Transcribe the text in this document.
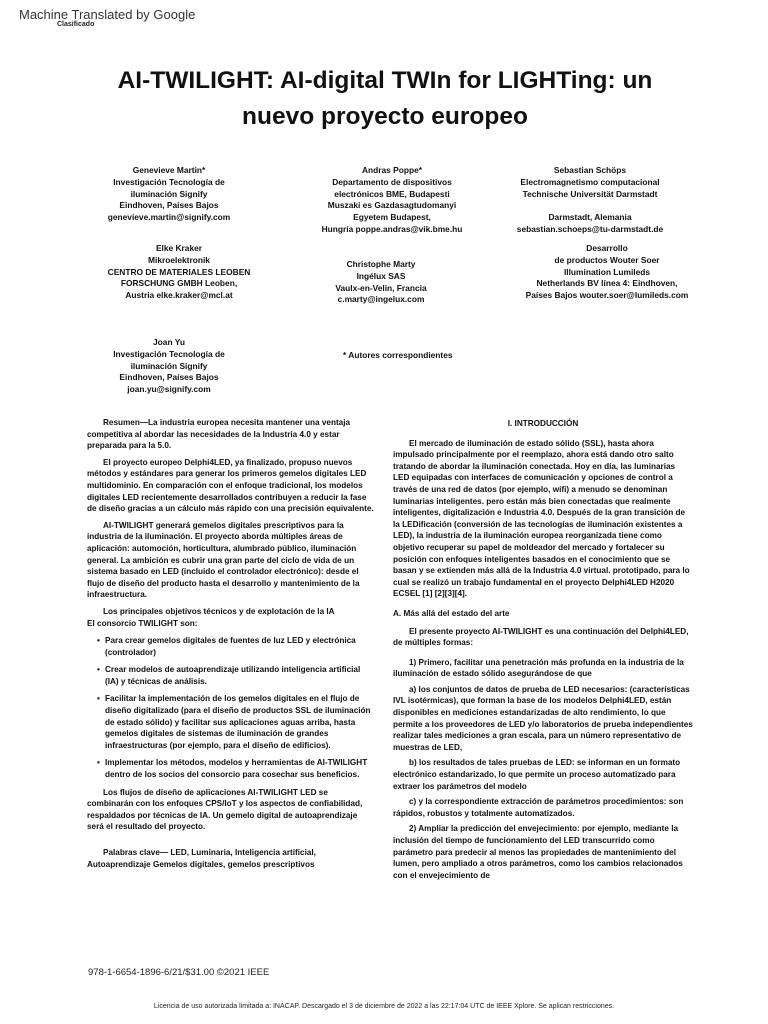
Machine Translated by Google
Clasificado
AI-TWILIGHT: AI-digital TWIn for LIGHTing: un
nuevo proyecto europeo
Genevieve Martin*
Investigación Tecnología de
iluminación Signify
Eindhoven, Países Bajos
genevieve.martin@signify.com
Andras Poppe*
Departamento de dispositivos
electrónicos BME, Budapesti
Muszaki es Gazdasagtudomanyi
Egyetem Budapest,
Hungría poppe.andras@vik.bme.hu
Sebastian Schöps
Electromagnetismo computacional
Technische Universität Darmstadt
Darmstadt, Alemania
sebastian.schoeps@tu-darmstadt.de
Elke Kraker
Mikroelektronik
CENTRO DE MATERIALES LEOBEN
FORSCHUNG GMBH Leoben,
Austria elke.kraker@mcl.at
Christophe Marty
Ingélux SAS
Vaulx-en-Velin, Francia
c.marty@ingelux.com
Desarrollo
de productos Wouter Soer
Illumination Lumileds
Netherlands BV línea 4: Eindhoven,
Países Bajos wouter.soer@lumileds.com
Joan Yu
Investigación Tecnología de
iluminación Signify
Eindhoven, Países Bajos
joan.yu@signify.com
* Autores correspondientes

Resumen—La industria europea necesita mantener una ventaja competitiva al abordar las necesidades de la Industria 4.0 y estar preparada para la 5.0.

El proyecto europeo Delphi4LED, ya finalizado, propuso nuevos métodos y estándares para generar los primeros gemelos digitales LED multidominio. En comparación con el enfoque tradicional, los modelos digitales LED recientemente desarrollados contribuyen a reducir la fase de diseño gracias a un cálculo más rápido con una precisión equivalente.

AI-TWILIGHT generará gemelos digitales prescriptivos para la industria de la iluminación. El proyecto aborda múltiples áreas de aplicación: automoción, horticultura, alumbrado público, iluminación general. La ambición es cubrir una gran parte del ciclo de vida de un sistema basado en LED (incluido el controlador electrónico): desde el flujo de diseño del producto hasta el desarrollo y mantenimiento de la infraestructura.

Los principales objetivos técnicos y de explotación de la IA

El consorcio TWILIGHT son:

• Para crear gemelos digitales de fuentes de luz LED y electrónica (controlador)
• Crear modelos de autoaprendizaje utilizando inteligencia artificial (IA) y técnicas de análisis.
• Facilitar la implementación de los gemelos digitales en el flujo de diseño digitalizado (para el diseño de productos SSL de iluminación de estado sólido) y facilitar sus aplicaciones aguas arriba, hasta gemelos digitales de sistemas de iluminación de grandes infraestructuras (por ejemplo, para el diseño de edificios).
• Implementar los métodos, modelos y herramientas de AI-TWILIGHT dentro de los socios del consorcio para cosechar sus beneficios.

Los flujos de diseño de aplicaciones AI-TWILIGHT LED se combinarán con los enfoques CPS/IoT y los aspectos de confiabilidad, respaldados por técnicas de IA. Un gemelo digital de autoaprendizaje será el resultado del proyecto.

Palabras clave— LED, Luminaria, Inteligencia artificial, Autoaprendizaje Gemelos digitales, gemelos prescriptivos

I. INTRODUCCIÓN

El mercado de iluminación de estado sólido (SSL), hasta ahora impulsado principalmente por el reemplazo, ahora está dando otro salto tratando de abordar la iluminación conectada. Hoy en día, las luminarias LED equipadas con interfaces de comunicación y opciones de control a través de una red de datos (por ejemplo, wifi) a menudo se denominan luminarias inteligentes. pero están más bien conectadas que realmente inteligentes, digitalización e Industria 4.0. Después de la gran transición de la LEDificación (conversión de las tecnologías de iluminación existentes a LED), la industria de la iluminación europea reorganizada tiene como objetivo recuperar su papel de moldeador del mercado y fortalecer su posición con enfoques inteligentes basados en el conocimiento que se basan y se extienden más allá de la Industria 4.0 virtual. prototipado, para lo cual se realizó un trabajo fundamental en el proyecto Delphi4LED H2020 ECSEL [1] [2][3][4].

A. Más allá del estado del arte

El presente proyecto AI-TWILIGHT es una continuación del Delphi4LED, de múltiples formas:

1) Primero, facilitar una penetración más profunda en la industria de la iluminación de estado sólido asegurándose de que

a) los conjuntos de datos de prueba de LED necesarios: (características IVL isotérmicas), que forman la base de los modelos Delphi4LED, están disponibles en mediciones estandarizadas de alto rendimiento, lo que permite a los proveedores de LED y/o laboratorios de prueba independientes realizar tales mediciones a gran escala, para un número representativo de muestras de LED,

b) los resultados de tales pruebas de LED: se informan en un formato electrónico estandarizado, lo que permite un proceso automatizado para extraer los parámetros del modelo

c) y la correspondiente extracción de parámetros procedimientos: son rápidos, robustos y totalmente automatizados.

2) Ampliar la predicción del envejecimiento: por ejemplo, mediante la inclusión del tiempo de funcionamiento del LED transcurrido como parámetro para predecir al menos las propiedades de mantenimiento del lumen, pero ampliado a otros parámetros, como los cambios relacionados con el envejecimiento de

978-1-6654-1896-6/21/$31.00 ©2021 IEEE
Licencia de uso autorizada limitada a: INACAP. Descargado el 3 de diciembre de 2022 a las 22:17:04 UTC de IEEE Xplore. Se aplican restricciones.
